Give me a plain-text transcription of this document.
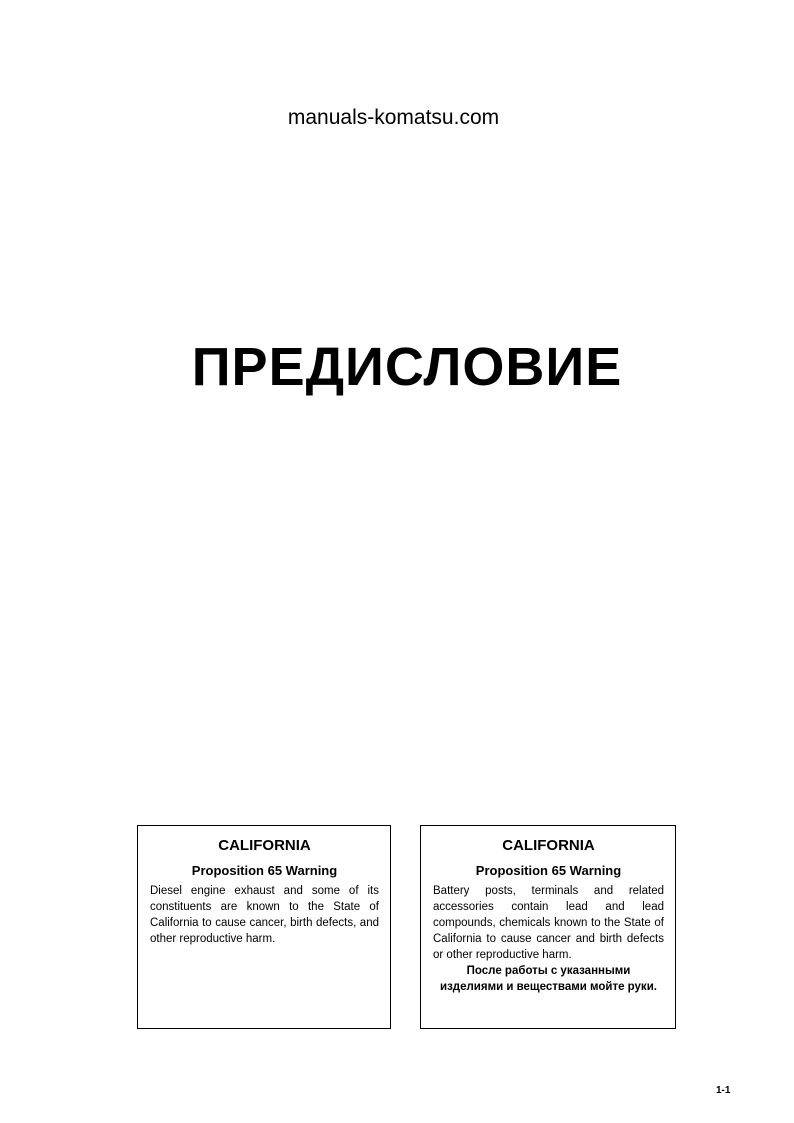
manuals-komatsu.com
ПРЕДИСЛОВИЕ

CALIFORNIA

Proposition 65 Warning

Diesel engine exhaust and some of its constituents are known to the State of California to cause cancer, birth defects, and other reproductive harm.

CALIFORNIA

Proposition 65 Warning

Battery posts, terminals and related accessories contain lead and lead compounds, chemicals known to the State of California to cause cancer and birth defects or other reproductive harm.

После работы с указанными изделиями и веществами мойте руки.

1-1
